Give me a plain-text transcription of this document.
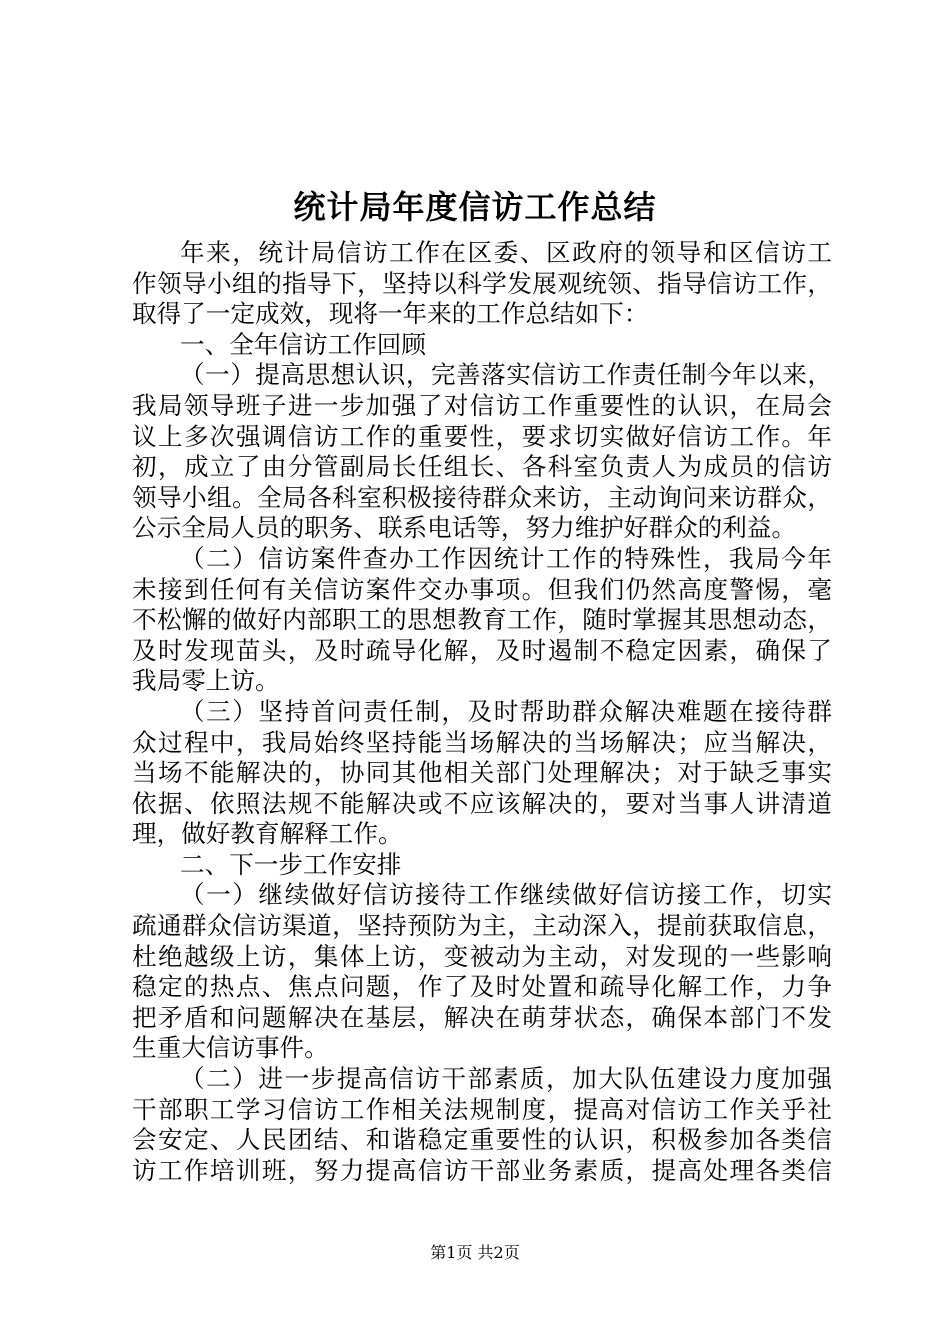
统计局年度信访工作总结
年来，统计局信访工作在区委、区政府的领导和区信访工
作领导小组的指导下，坚持以科学发展观统领、指导信访工作，
取得了一定成效，现将一年来的工作总结如下：
一、全年信访工作回顾
（一）提高思想认识，完善落实信访工作责任制今年以来，
我局领导班子进一步加强了对信访工作重要性的认识，在局会
议上多次强调信访工作的重要性，要求切实做好信访工作。年
初，成立了由分管副局长任组长、各科室负责人为成员的信访
领导小组。全局各科室积极接待群众来访，主动询问来访群众，
公示全局人员的职务、联系电话等，努力维护好群众的利益。
（二）信访案件查办工作因统计工作的特殊性，我局今年
未接到任何有关信访案件交办事项。但我们仍然高度警惕，毫
不松懈的做好内部职工的思想教育工作，随时掌握其思想动态，
及时发现苗头，及时疏导化解，及时遏制不稳定因素，确保了
我局零上访。
（三）坚持首问责任制，及时帮助群众解决难题在接待群
众过程中，我局始终坚持能当场解决的当场解决；应当解决，
当场不能解决的，协同其他相关部门处理解决；对于缺乏事实
依据、依照法规不能解决或不应该解决的，要对当事人讲清道
理，做好教育解释工作。
二、下一步工作安排
（一）继续做好信访接待工作继续做好信访接工作，切实
疏通群众信访渠道，坚持预防为主，主动深入，提前获取信息，
杜绝越级上访，集体上访，变被动为主动，对发现的一些影响
稳定的热点、焦点问题，作了及时处置和疏导化解工作，力争
把矛盾和问题解决在基层，解决在萌芽状态，确保本部门不发
生重大信访事件。
（二）进一步提高信访干部素质，加大队伍建设力度加强
干部职工学习信访工作相关法规制度，提高对信访工作关乎社
会安定、人民团结、和谐稳定重要性的认识，积极参加各类信
访工作培训班，努力提高信访干部业务素质，提高处理各类信
第1页 共2页
